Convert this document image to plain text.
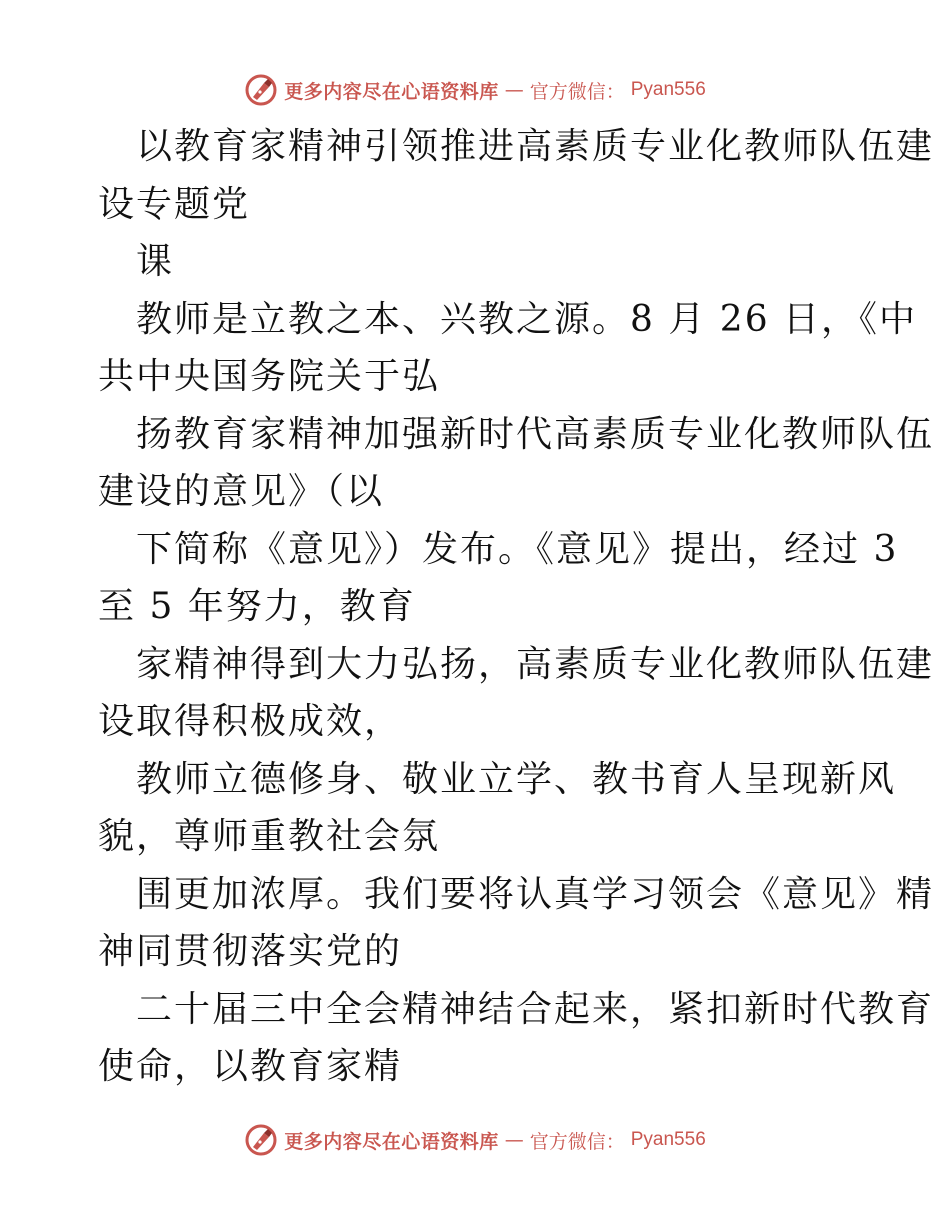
更多内容尽在心语资料库 — 官方微信： Pyan556
以教育家精神引领推进高素质专业化教师队伍建
设专题党
课
教师是立教之本、兴教之源。8 月 26 日，《中
共中央国务院关于弘
扬教育家精神加强新时代高素质专业化教师队伍
建设的意见》（以
下简称《意见》）发布。《意见》提出，经过 3
至 5 年努力，教育
家精神得到大力弘扬，高素质专业化教师队伍建
设取得积极成效，
教师立德修身、敬业立学、教书育人呈现新风
貌，尊师重教社会氛
围更加浓厚。我们要将认真学习领会《意见》精
神同贯彻落实党的
二十届三中全会精神结合起来，紧扣新时代教育
使命，以教育家精
更多内容尽在心语资料库 — 官方微信： Pyan556
